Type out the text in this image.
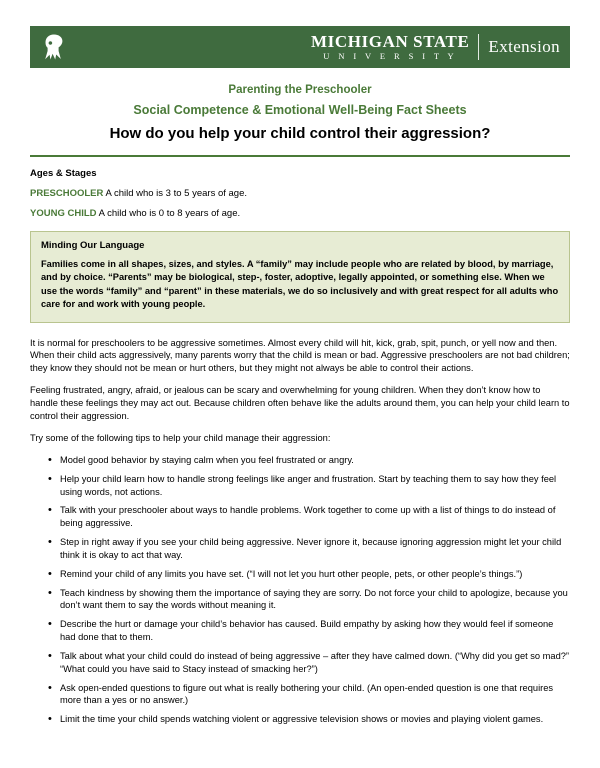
MICHIGAN STATE
U N I V E R S I T Y
Extension
Parenting the Preschooler
Social Competence & Emotional Well-Being Fact Sheets
How do you help your child control their aggression?
Ages & Stages
PRESCHOOLER A child who is 3 to 5 years of age.
YOUNG CHILD A child who is 0 to 8 years of age.
Minding Our Language
Families come in all shapes, sizes, and styles. A “family” may include people who are related by blood, by marriage, and by choice. “Parents” may be biological, step-, foster, adoptive, legally appointed, or something else. When we use the words “family” and “parent” in these materials, we do so inclusively and with great respect for all adults who care for and work with young people.

It is normal for preschoolers to be aggressive sometimes. Almost every child will hit, kick, grab, spit, punch, or yell now and then. When their child acts aggressively, many parents worry that the child is mean or bad. Aggressive preschoolers are not bad children; they know they should not be mean or hurt others, but they might not always be able to control their actions.

Feeling frustrated, angry, afraid, or jealous can be scary and overwhelming for young children. When they don’t know how to handle these feelings they may act out. Because children often behave like the adults around them, you can help your child learn to control their aggression.

Try some of the following tips to help your child manage their aggression:

• Model good behavior by staying calm when you feel frustrated or angry.
• Help your child learn how to handle strong feelings like anger and frustration. Start by teaching them to say how they feel using words, not actions.
• Talk with your preschooler about ways to handle problems. Work together to come up with a list of things to do instead of being aggressive.
• Step in right away if you see your child being aggressive. Never ignore it, because ignoring aggression might let your child think it is okay to act that way.
• Remind your child of any limits you have set. (“I will not let you hurt other people, pets, or other people’s things.”)
• Teach kindness by showing them the importance of saying they are sorry. Do not force your child to apologize, because you don’t want them to say the words without meaning it.
• Describe the hurt or damage your child’s behavior has caused. Build empathy by asking how they would feel if someone had done that to them.
• Talk about what your child could do instead of being aggressive – after they have calmed down. (“Why did you get so mad?” “What could you have said to Stacy instead of smacking her?”)
• Ask open-ended questions to figure out what is really bothering your child. (An open-ended question is one that requires more than a yes or no answer.)
• Limit the time your child spends watching violent or aggressive television shows or movies and playing violent games.
